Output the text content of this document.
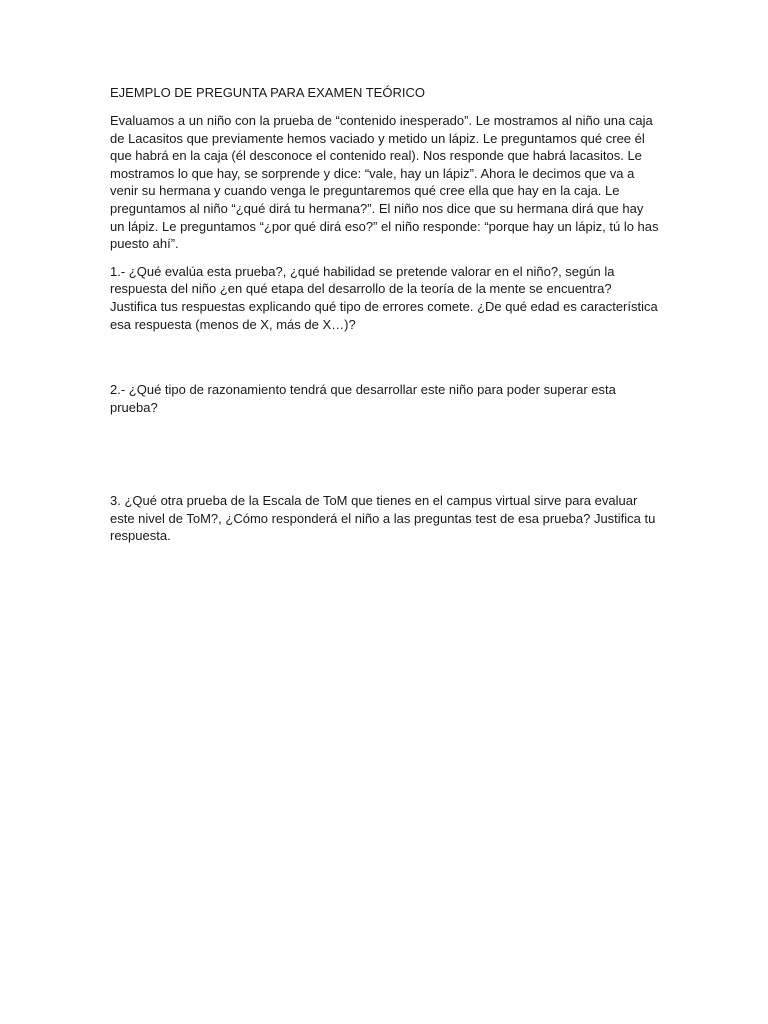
EJEMPLO DE PREGUNTA PARA EXAMEN TEÓRICO

Evaluamos a un niño con la prueba de “contenido inesperado”. Le mostramos al niño una caja de Lacasitos que previamente hemos vaciado y metido un lápiz. Le preguntamos qué cree él que habrá en la caja (él desconoce el contenido real). Nos responde que habrá lacasitos. Le mostramos lo que hay, se sorprende y dice: “vale, hay un lápiz”. Ahora le decimos que va a venir su hermana y cuando venga le preguntaremos qué cree ella que hay en la caja. Le preguntamos al niño “¿qué dirá tu hermana?”. El niño nos dice que su hermana dirá que hay un lápiz. Le preguntamos “¿por qué dirá eso?” el niño responde: “porque hay un lápiz, tú lo has puesto ahí”.

1.- ¿Qué evalúa esta prueba?, ¿qué habilidad se pretende valorar en el niño?, según la respuesta del niño ¿en qué etapa del desarrollo de la teoría de la mente se encuentra? Justifica tus respuestas explicando qué tipo de errores comete. ¿De qué edad es característica esa respuesta (menos de X, más de X…)?

2.- ¿Qué tipo de razonamiento tendrá que desarrollar este niño para poder superar esta prueba?

3. ¿Qué otra prueba de la Escala de ToM que tienes en el campus virtual sirve para evaluar este nivel de ToM?, ¿Cómo responderá el niño a las preguntas test de esa prueba? Justifica tu respuesta.
